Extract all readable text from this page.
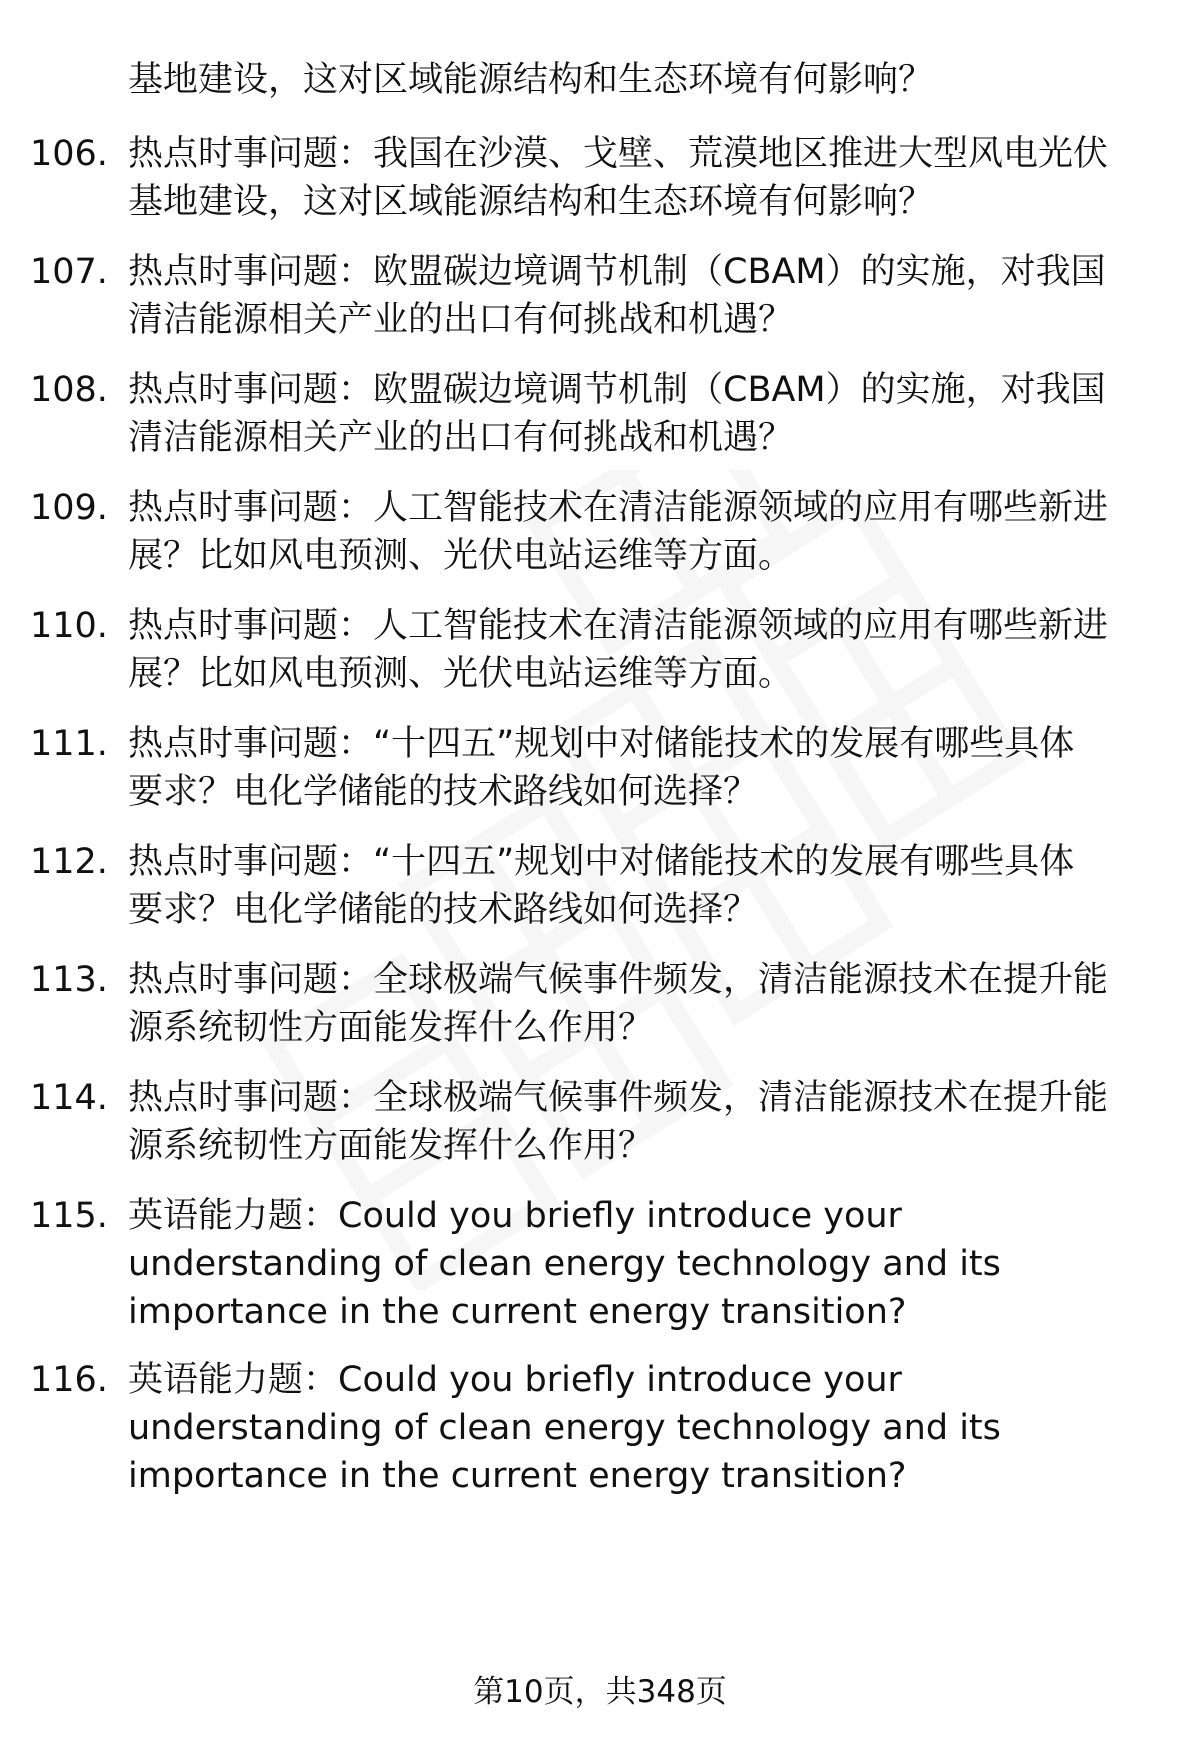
基地建设，这对区域能源结构和生态环境有何影响？
106. 热点时事问题：我国在沙漠、戈壁、荒漠地区推进大型风电光伏
基地建设，这对区域能源结构和生态环境有何影响？
107. 热点时事问题：欧盟碳边境调节机制（CBAM）的实施，对我国
清洁能源相关产业的出口有何挑战和机遇？
108. 热点时事问题：欧盟碳边境调节机制（CBAM）的实施，对我国
清洁能源相关产业的出口有何挑战和机遇？
109. 热点时事问题：人工智能技术在清洁能源领域的应用有哪些新进
展？比如风电预测、光伏电站运维等方面。
110. 热点时事问题：人工智能技术在清洁能源领域的应用有哪些新进
展？比如风电预测、光伏电站运维等方面。
111. 热点时事问题：“十四五”规划中对储能技术的发展有哪些具体
要求？电化学储能的技术路线如何选择？
112. 热点时事问题：“十四五”规划中对储能技术的发展有哪些具体
要求？电化学储能的技术路线如何选择？
113. 热点时事问题：全球极端气候事件频发，清洁能源技术在提升能
源系统韧性方面能发挥什么作用？
114. 热点时事问题：全球极端气候事件频发，清洁能源技术在提升能
源系统韧性方面能发挥什么作用？
115. 英语能力题：Could you briefly introduce your
understanding of clean energy technology and its
importance in the current energy transition?
116. 英语能力题：Could you briefly introduce your
understanding of clean energy technology and its
importance in the current energy transition?
第10页，共348页
